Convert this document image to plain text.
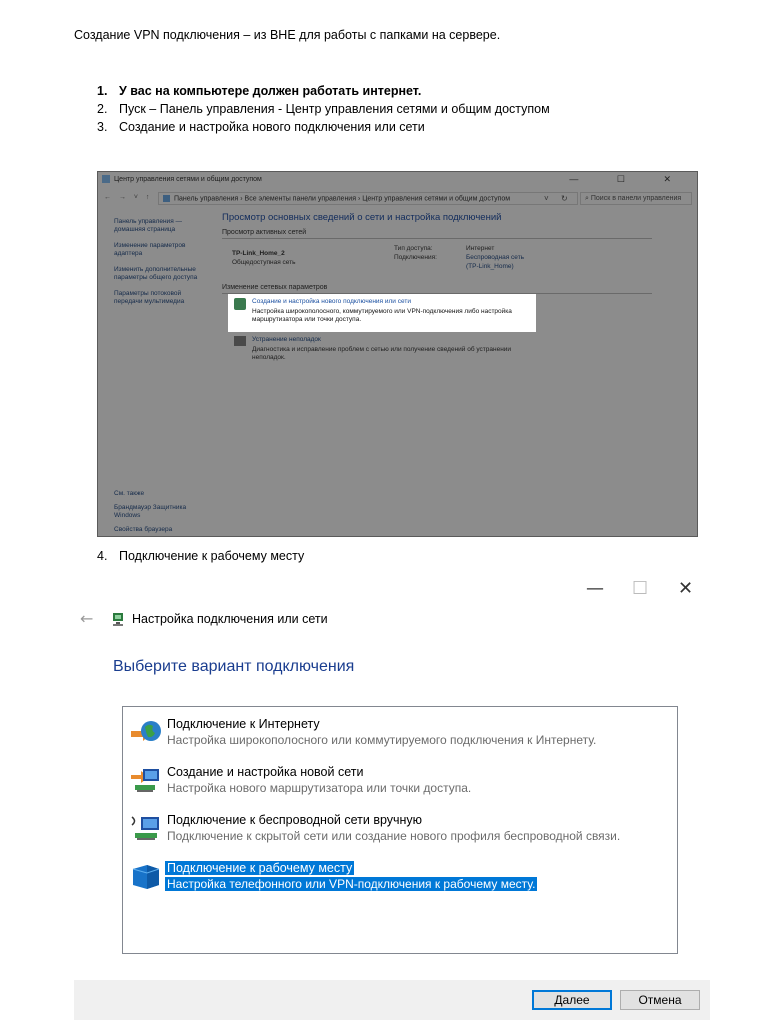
Создание VPN подключения – из ВНЕ для работы с папками на сервере.
1. У вас на компьютере должен работать интернет.
2. Пуск – Панель управления - Центр управления сетями и общим доступом
3. Создание и настройка нового подключения или сети
Центр управления сетями и общим доступом	— ☐ ✕
← → ˅ ↑	Панель управления › Все элементы панели управления › Центр управления сетями и общим доступом	˅ ↻	⌕ Поиск в панели управления
Панель управления — домашняя страница
Изменение параметров адаптера
Изменить дополнительные параметры общего доступа
Параметры потоковой передачи мультимедиа
См. также
Брандмауэр Защитника Windows
Свойства браузера
Просмотр основных сведений о сети и настройка подключений
Просмотр активных сетей
TP-Link_Home_2
Общедоступная сеть
Тип доступа:	Интернет
Подключения:	Беспроводная сеть (TP-Link_Home)
Изменение сетевых параметров
Создание и настройка нового подключения или сети
Настройка широкополосного, коммутируемого или VPN-подключения либо настройка маршрутизатора или точки доступа.
Устранение неполадок
Диагностика и исправление проблем с сетью или получение сведений об устранении неполадок.
4. Подключение к рабочему месту
— ☐ ✕
←	Настройка подключения или сети
Выберите вариант подключения
Подключение к Интернету
Настройка широкополосного или коммутируемого подключения к Интернету.
Создание и настройка новой сети
Настройка нового маршрутизатора или точки доступа.
Подключение к беспроводной сети вручную
Подключение к скрытой сети или создание нового профиля беспроводной связи.
Подключение к рабочему месту
Настройка телефонного или VPN-подключения к рабочему месту.
Далее	Отмена
